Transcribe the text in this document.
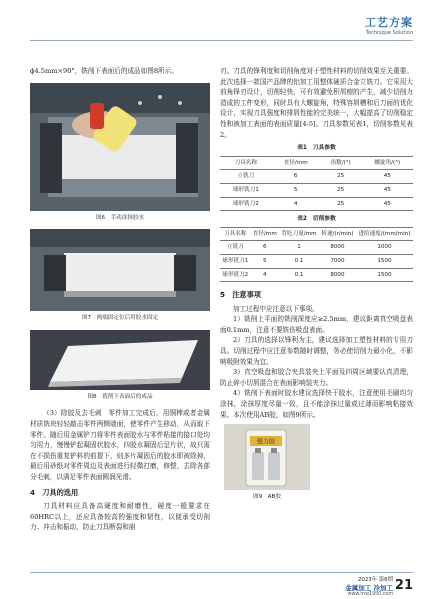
工艺方案
Technique Solution

ϕ4.5mm×90°，铣削下表面后的成品如图8所示。

图6　手动涂抹胶水
图7　两端固定位后用胶水固定
图8　铣削下表面后的成品

（3）除胶及去毛刺　零件加工完成后，用铜棒或者金属材质铣块轻轻敲击零件两侧端面，使零件产生移动，从而取下零件。随后用金属铲刀将零件表面胶水与零件粘接的接口处均匀用力，慢慢铲起凝固状胶水，四胶水凝固后呈片状，故只需在不损伤重复铲料的前提下，则多片凝固后的胶水即被除掉，最后用砂纸对零件周边及表面进行轻微打磨，修整，去除各部分毛刺，以满足零件表面圆润光滑。

4　刀具的选用

刀具材料应具备高硬度和耐磨性，硬度一般要求在60HRC以上，还应具备较高的强度和韧性，以便承受切削力、冲击和振动，防止刀具断裂和崩

刃。刀具的锋利度和切削角度对于塑性材料的切削效果至关重要。此次选择一款国产品牌的铝加工用整体硬质合金立铣刀。它采用大前角锋刃设计，切削轻快，可有效避免积屑瘤的产生，减少切削力造成的工件变形，同时具有大螺旋角，特殊容屑槽和后刀面的优化设计，实现刀具强度和排屑性能的完美统一，大幅提高了切削稳定性和被加工表面的表面质量[4-5]。刀具参数见表1，切削参数见表2。

表1　刀具参数
刀具名称	直径/mm	齿数/(°)	螺旋角/(°)
立铣刀	6	25	45
球形铣刀1	5	25	45
球形铣刀2	4	25	45
表2　切削参数
刀具名称	直径/mm	背吃刀量/mm	转速/(r/min)	进给速度/(mm/min)
立铣刀	6	1	8000	1000
球形铣刀1	5	0.1	7000	1500
球形铣刀2	4	0.1	8000	1500
5　注意事项

加工过程中应注意以下事项。

1）铣削上平面的铣削深度应≥2.5mm，建议距离真空吸盘表面0.1mm，注意不要铣伤吸盘表面。

2）刀具的选择以锋利为主，建议选择加工塑性材料的专用刀具。切削过程中应注意参数随时调整，务必使切削力最小化，不影响吸附效果为宜。

3）真空吸盘和胶合夹具装夹上平面及四周区域要认真清理，防止碎小切屑混合在表面影响装夹力。

4）铣削下表面时胶水建议选择快干胶水，注意使用毛刷均匀涂抹，涂抹厚度尽量一致，且不能涂抹过量或过薄而影响粘接效果。本次使用AB胶，如图9所示。

强力胶
图9　AB胶
2023年 第8期
金属加工 冷加工
www.mw1950.com
21
